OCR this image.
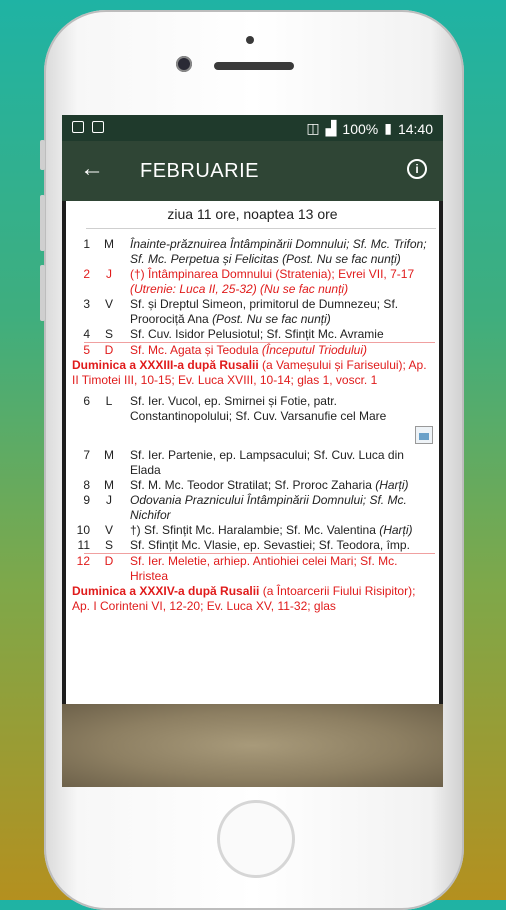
◫ ▟ 100% ▮ 14:40
← FEBRUARIE	i
ziua 11 ore, noaptea 13 ore
1	M	Înainte-prăznuirea Întâmpinării Domnului; Sf. Mc. Trifon; Sf. Mc. Perpetua și Felicitas (Post. Nu se fac nunți)
2	J	(†) Întâmpinarea Domnului (Stratenia); Evrei VII, 7-17 (Utrenie: Luca II, 25-32) (Nu se fac nunți)
3	V	Sf. și Dreptul Simeon, primitorul de Dumnezeu; Sf. Proorociță Ana (Post. Nu se fac nunți)
4	S	Sf. Cuv. Isidor Pelusiotul; Sf. Sfințit Mc. Avramie
5	D	Sf. Mc. Agata și Teodula (Începutul Triodului)
Duminica a XXXIII-a după Rusalii (a Vameșului și Fariseului); Ap. II Timotei III, 10-15; Ev. Luca XVIII, 10-14; glas 1, voscr. 1
6	L	Sf. Ier. Vucol, ep. Smirnei și Fotie, patr. Constantinopolului; Sf. Cuv. Varsanufie cel Mare
7	M	Sf. Ier. Partenie, ep. Lampsacului; Sf. Cuv. Luca din Elada
8	M	Sf. M. Mc. Teodor Stratilat; Sf. Proroc Zaharia (Harți)
9	J	Odovania Praznicului Întâmpinării Domnului; Sf. Mc. Nichifor
10	V	†) Sf. Sfințit Mc. Haralambie; Sf. Mc. Valentina (Harți)
11	S	Sf. Sfințit Mc. Vlasie, ep. Sevastiei; Sf. Teodora, împ.
12	D	Sf. Ier. Meletie, arhiep. Antiohiei celei Mari; Sf. Mc. Hristea
Duminica a XXXIV-a după Rusalii (a Întoarcerii Fiului Risipitor); Ap. I Corinteni VI, 12-20; Ev. Luca XV, 11-32; glas
